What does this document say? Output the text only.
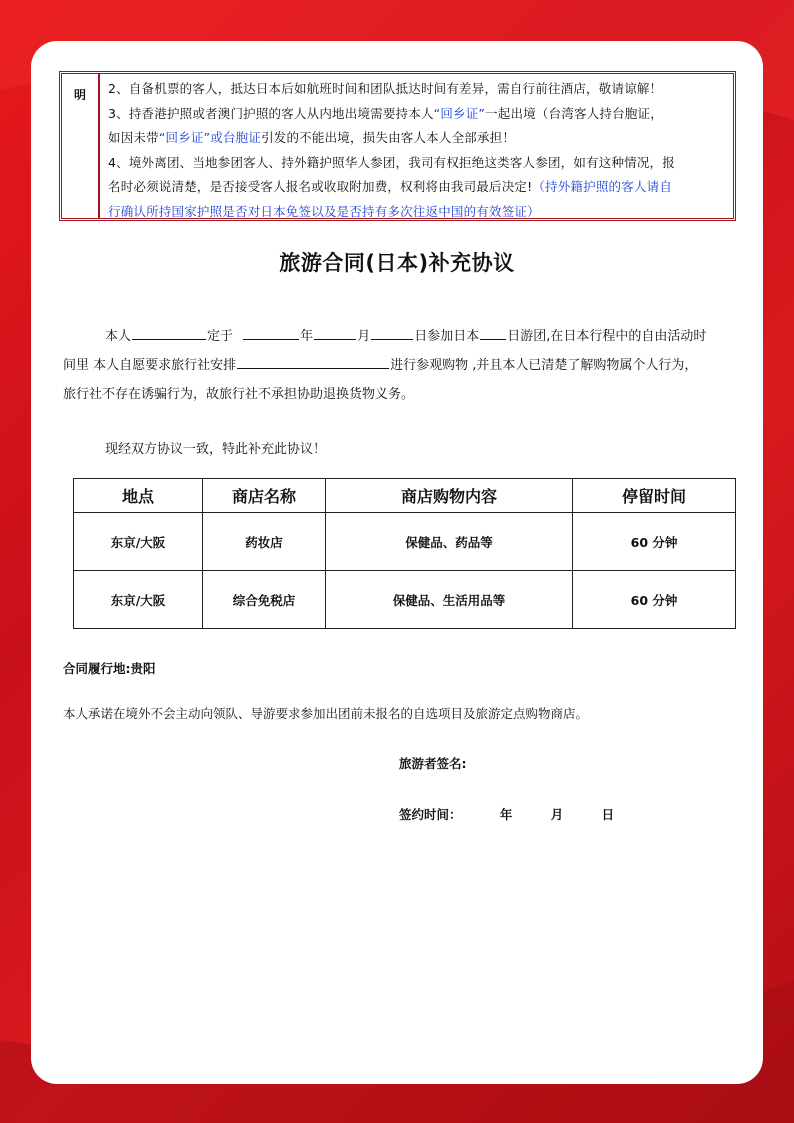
明	2、自备机票的客人，抵达日本后如航班时间和团队抵达时间有差异，需自行前往酒店，敬请谅解！
3、持香港护照或者澳门护照的客人从内地出境需要持本人“回乡证”一起出境（台湾客人持台胞证，
如因未带“回乡证”或台胞证引发的不能出境，损失由客人本人全部承担！
4、境外离团、当地参团客人、持外籍护照华人参团，我司有权拒绝这类客人参团，如有这种情况，报
名时必须说清楚，是否接受客人报名或收取附加费，权利将由我司最后决定!（持外籍护照的客人请自
行确认所持国家护照是否对日本免签以及是否持有多次往返中国的有效签证）
旅游合同(日本)补充协议
本人	定于	年	月	日参加日本 日游团,在日本行程中的自由活动时
间里 本人自愿要求旅行社安排	进行参观购物 ,并且本人已清楚了解购物属个人行为，
旅行社不存在诱骗行为，故旅行社不承担协助退换货物义务。
现经双方协议一致，特此补充此协议！
地点	商店名称	商店购物内容	停留时间
东京/大阪	药妆店	保健品、药品等	60 分钟
东京/大阪	综合免税店	保健品、生活用品等	60 分钟
合同履行地:贵阳
本人承诺在境外不会主动向领队、导游要求参加出团前未报名的自选项目及旅游定点购物商店。
旅游者签名:
签约时间：	年	月	日
